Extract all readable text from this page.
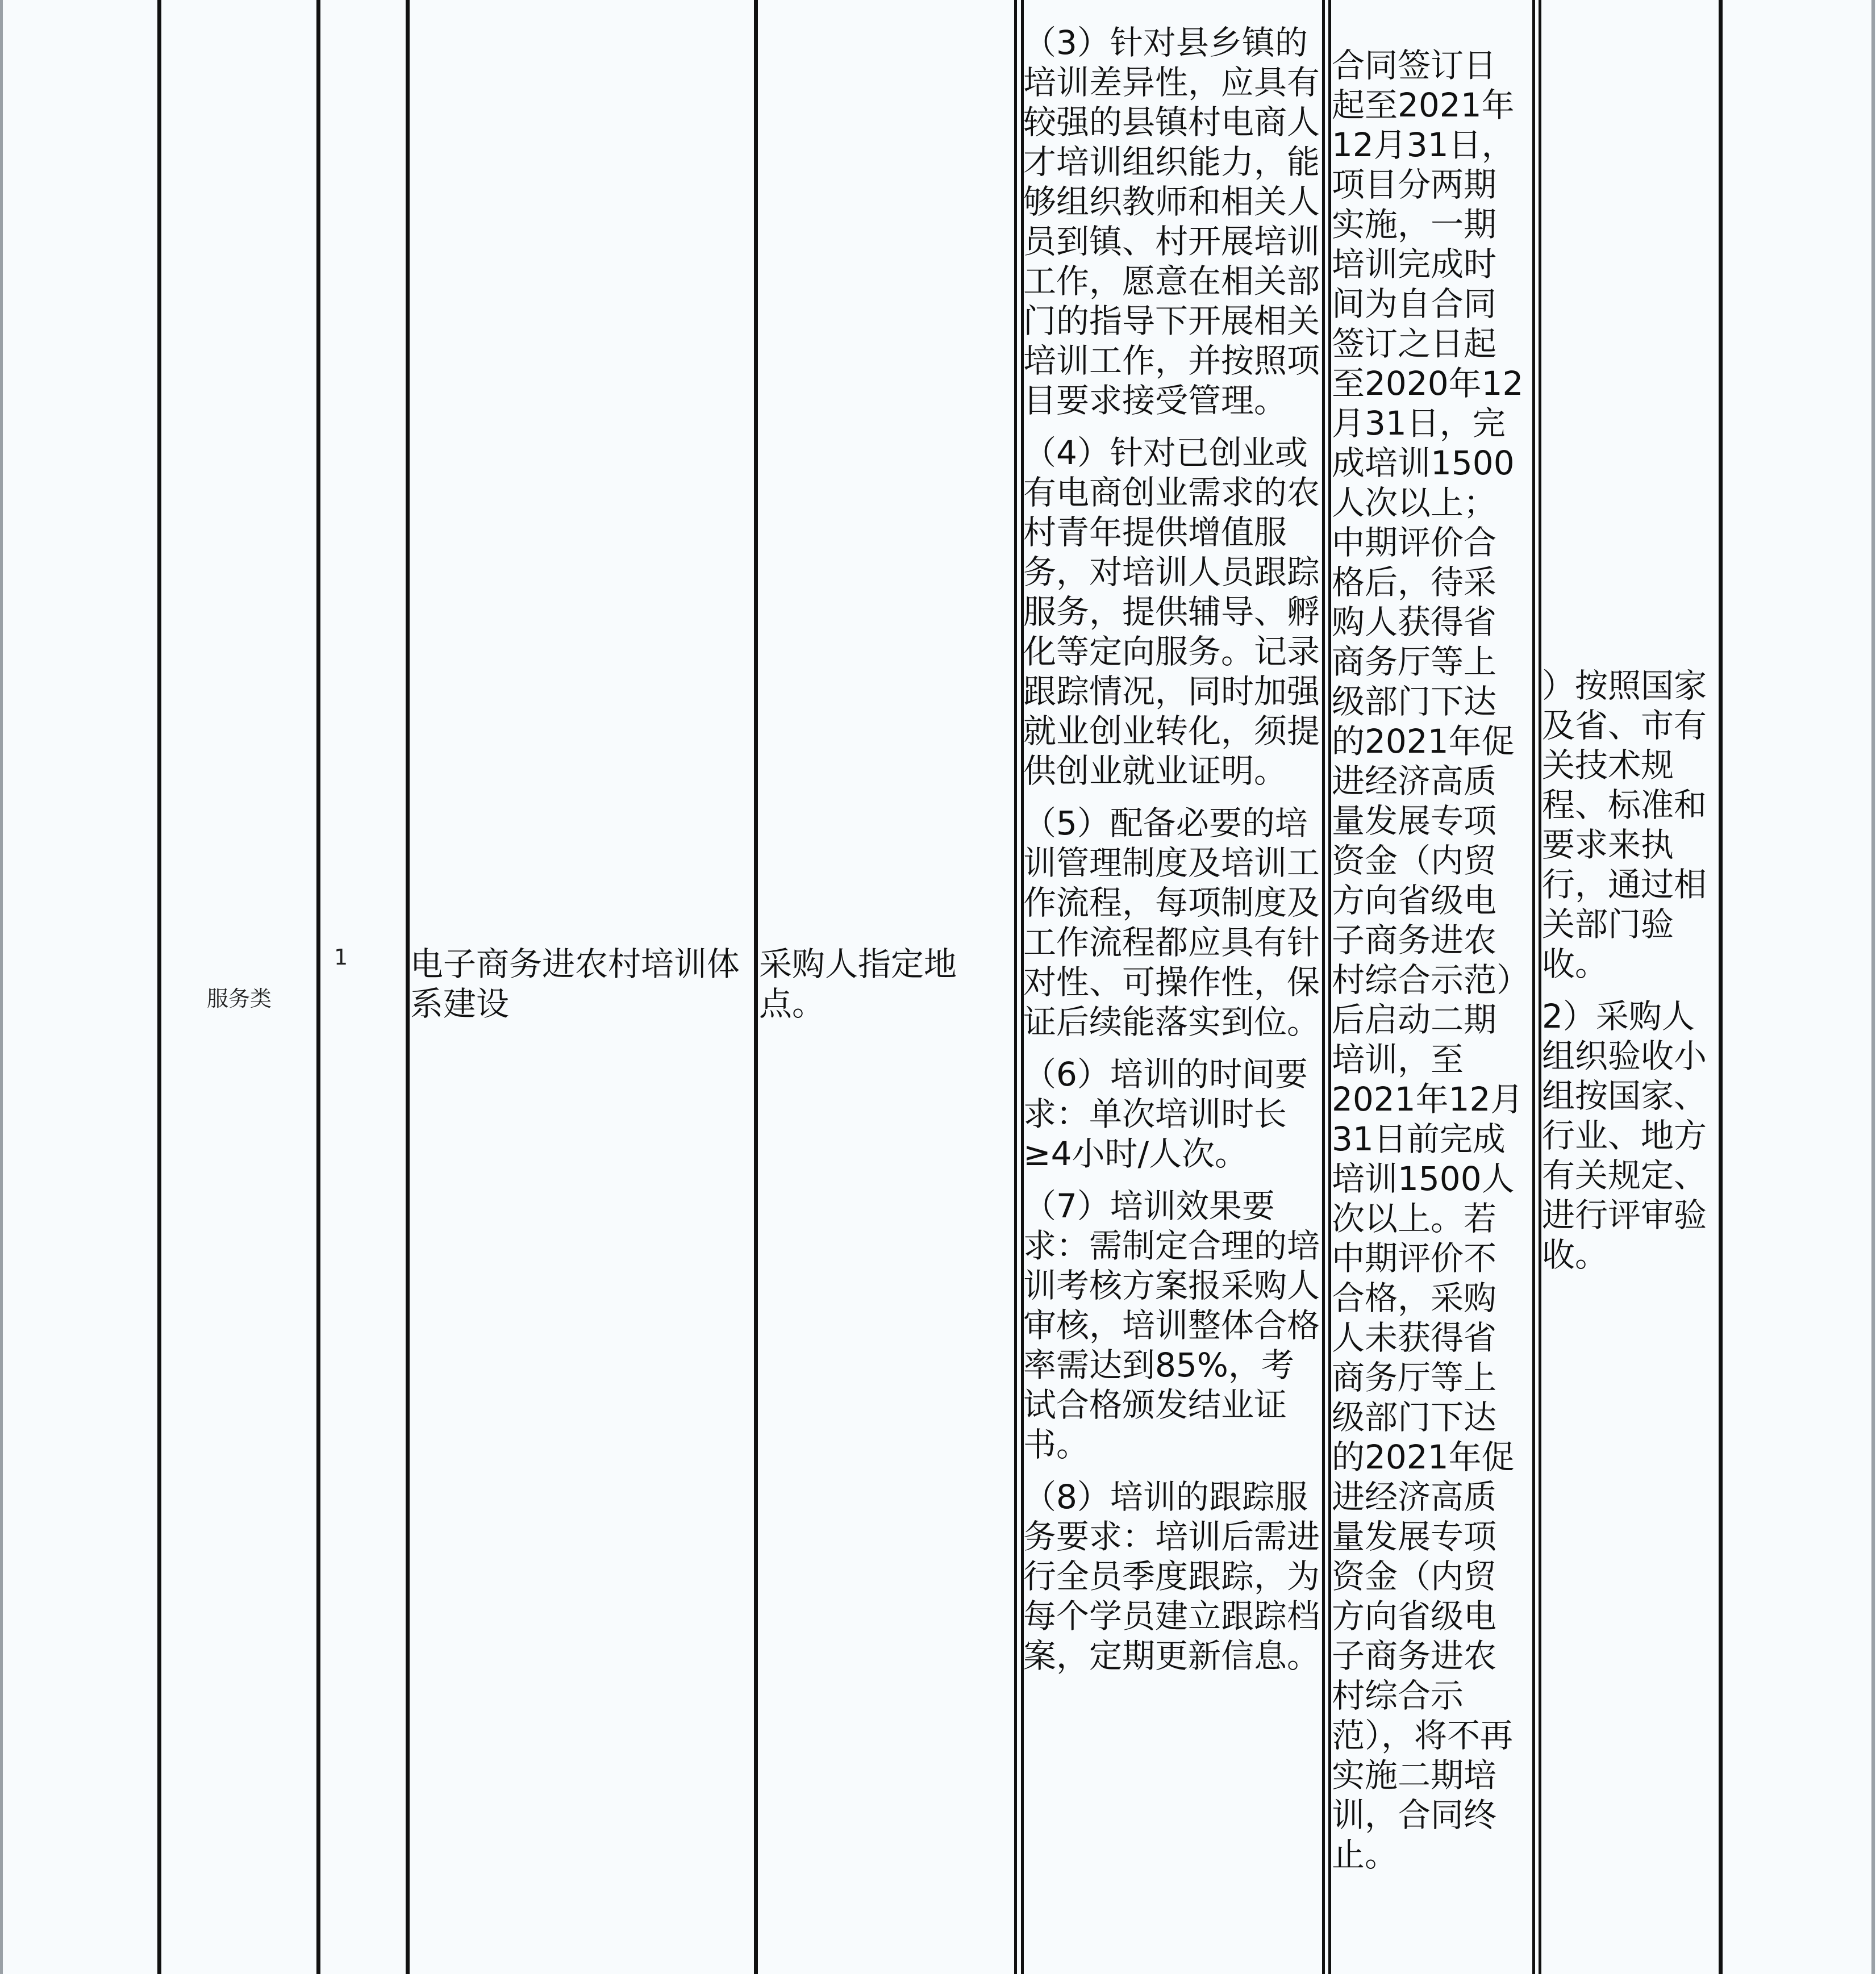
服务类
1	电子商务进农村培训体系建设
采购人指定地点。

（3）针对县乡镇的培训差异性，应具有较强的县镇村电商人才培训组织能力，能够组织教师和相关人员到镇、村开展培训工作，愿意在相关部门的指导下开展相关培训工作，并按照项目要求接受管理。

（4）针对已创业或有电商创业需求的农村青年提供增值服务，对培训人员跟踪服务，提供辅导、孵化等定向服务。记录跟踪情况，同时加强就业创业转化，须提供创业就业证明。

（5）配备必要的培训管理制度及培训工作流程，每项制度及工作流程都应具有针对性、可操作性，保证后续能落实到位。

（6）培训的时间要求：单次培训时长≥4小时/人次。

（7）培训效果要求：需制定合理的培训考核方案报采购人审核，培训整体合格率需达到85%，考试合格颁发结业证书。

（8）培训的跟踪服务要求：培训后需进行全员季度跟踪，为每个学员建立跟踪档案，定期更新信息。

合同签订日起至2021年12月31日，项目分两期实施，一期培训完成时间为自合同签订之日起至2020年12月31日，完成培训1500人次以上；中期评价合格后，待采购人获得省商务厅等上级部门下达的2021年促进经济高质量发展专项资金（内贸方向省级电子商务进农村综合示范）后启动二期培训，至2021年12月31日前完成培训1500人次以上。若中期评价不合格，采购人未获得省商务厅等上级部门下达的2021年促进经济高质量发展专项资金（内贸方向省级电子商务进农村综合示范），将不再实施二期培训，合同终止。

）按照国家及省、市有关技术规程、标准和要求来执行，通过相关部门验收。

2）采购人组织验收小组按国家、行业、地方有关规定、进行评审验收。
